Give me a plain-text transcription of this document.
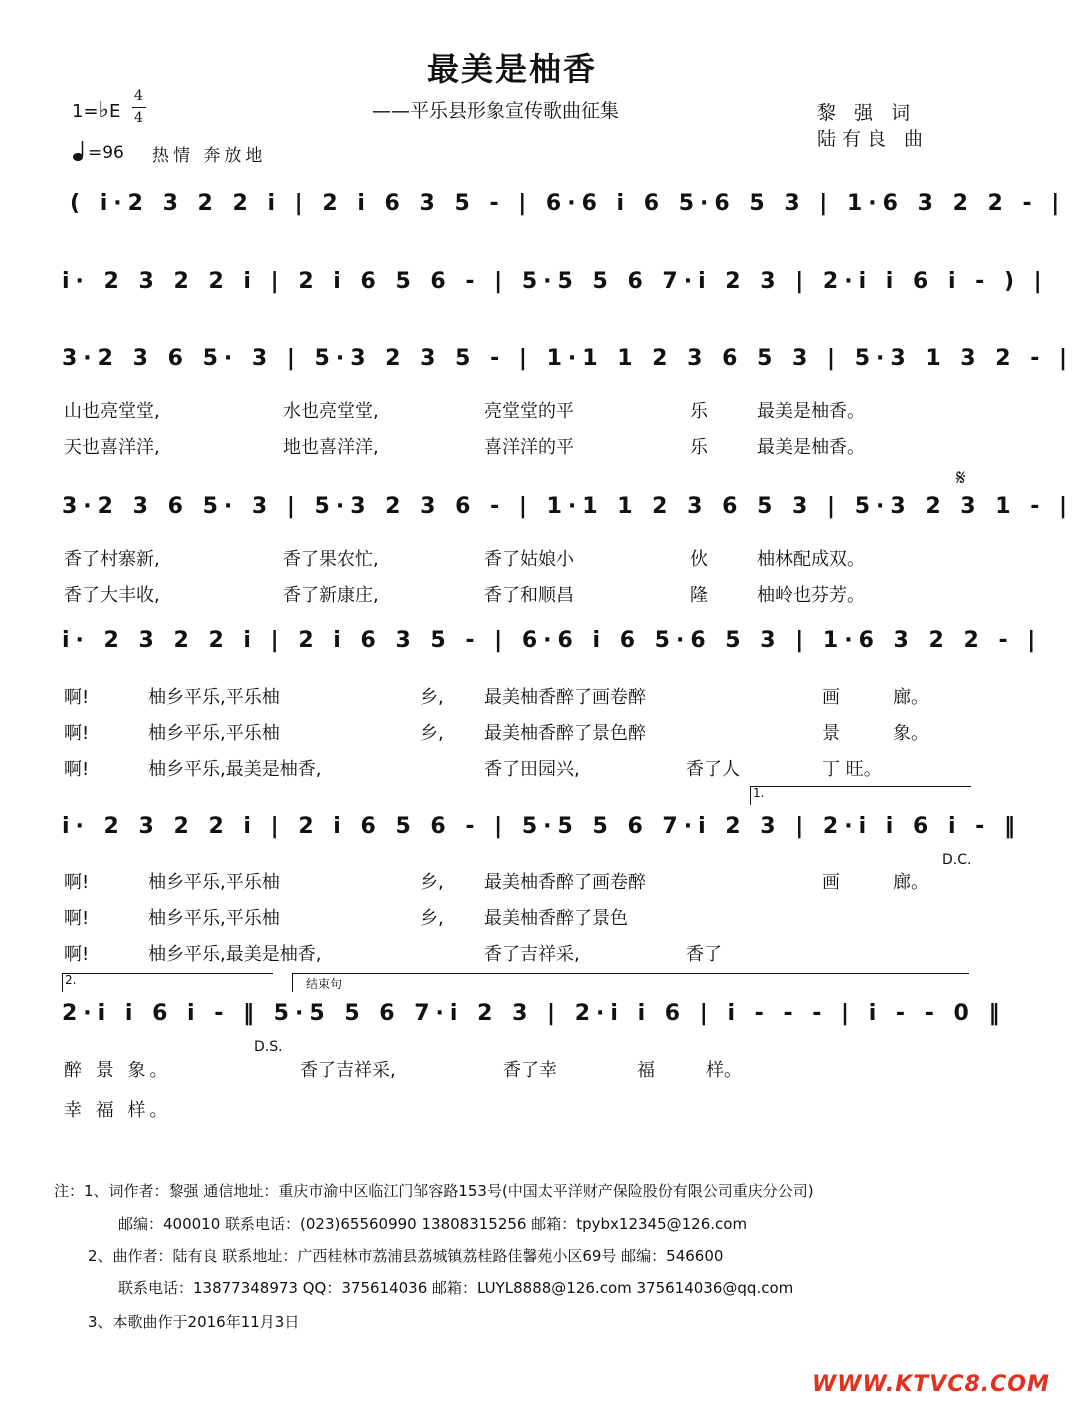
最美是柚香
——平乐县形象宣传歌曲征集	黎 强 词
陆有良 曲
1=♭E
4
4
=96 热情 奔放地
( i·2 3 2 2 i | 2 i 6 3 5 - | 6·6 i 6 5·6 5 3 | 1·6 3 2 2 - |
i· 2 3 2 2 i | 2 i 6 5 6 - | 5·5 5 6 7·i 2 3 | 2·i i 6 i - ) |
3·2 3 6 5· 3 | 5·3 2 3 5 - | 1·1 1 2 3 6 5 3 | 5·3 1 3 2 - |
山也亮堂堂,	水也亮堂堂,	亮堂堂的平	乐	最美是柚香。
天也喜洋洋,	地也喜洋洋,	喜洋洋的平	乐	最美是柚香。
3·2 3 6 5· 3 | 5·3 2 3 6 - | 1·1 1 2 3 6 5 3 | 5·3 2 3 1 - |
𝄋
香了村寨新,	香了果农忙,	香了姑娘小	伙	柚林配成双。
香了大丰收,	香了新康庄,	香了和顺昌	隆	柚岭也芬芳。
i· 2 3 2 2 i | 2 i 6 3 5 - | 6·6 i 6 5·6 5 3 | 1·6 3 2 2 - |
啊!	柚乡平乐,平乐柚	乡, 最美柚香醉了画卷醉	画	廊。
啊!	柚乡平乐,平乐柚	乡, 最美柚香醉了景色醉	景	象。
啊!	柚乡平乐,最美是柚香,	香了田园兴,	香了人	丁 旺。
1.
i· 2 3 2 2 i | 2 i 6 5 6 - | 5·5 5 6 7·i 2 3 | 2·i i 6 i - ‖
D.C.
啊!	柚乡平乐,平乐柚	乡, 最美柚香醉了画卷醉	画	廊。
啊!	柚乡平乐,平乐柚	乡, 最美柚香醉了景色
啊!	柚乡平乐,最美是柚香,	香了吉祥采,	香了
2.	结束句
2·i i 6 i - ‖ 5·5 5 6 7·i 2 3 | 2·i i 6 | i - - - | i - - 0 ‖
D.S.
醉 景 象。	香了吉祥采,	香了幸	福	样。
幸 福 样。
注：1、词作者：黎强 通信地址：重庆市渝中区临江门邹容路153号(中国太平洋财产保险股份有限公司重庆分公司)
邮编：400010 联系电话：(023)65560990 13808315256 邮箱：tpybx12345@126.com
2、曲作者：陆有良 联系地址：广西桂林市荔浦县荔城镇荔桂路佳馨苑小区69号 邮编：546600
联系电话：13877348973 QQ：375614036 邮箱：LUYL8888@126.com 375614036@qq.com
3、本歌曲作于2016年11月3日
WWW.KTVC8.COM
